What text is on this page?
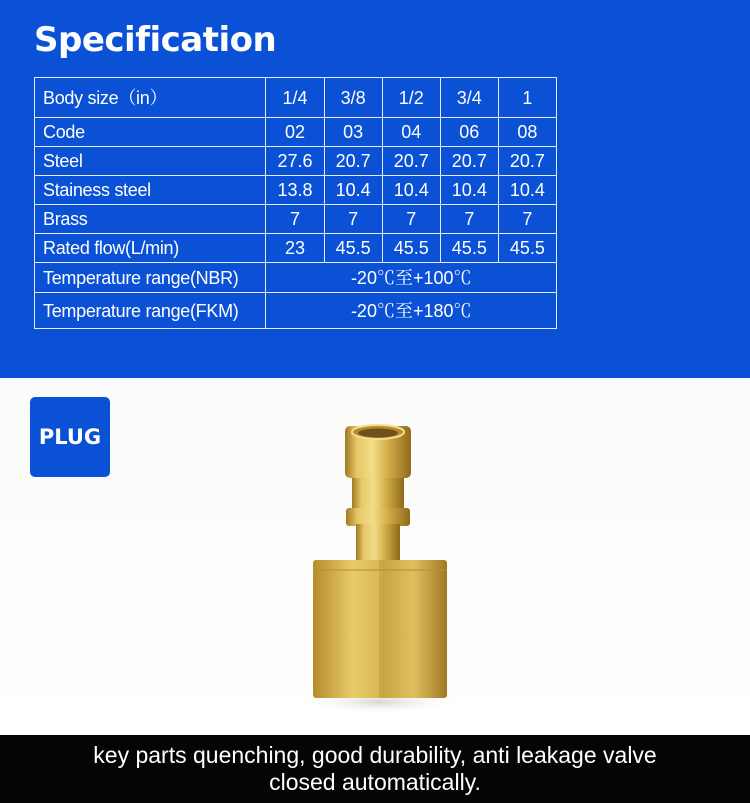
Specification
Body size（in）	1/4	3/8	1/2	3/4	1
Code	02	03	04	06	08
Steel	27.6	20.7	20.7	20.7	20.7
Stainess steel	13.8	10.4	10.4	10.4	10.4
Brass	7	7	7	7	7
Rated flow(L/min)	23	45.5	45.5	45.5	45.5
Temperature range(NBR)	-20℃至+100℃				
Temperature range(FKM)	-20℃至+180℃				
PLUG
key parts quenching, good durability, anti leakage valve
closed automatically.
